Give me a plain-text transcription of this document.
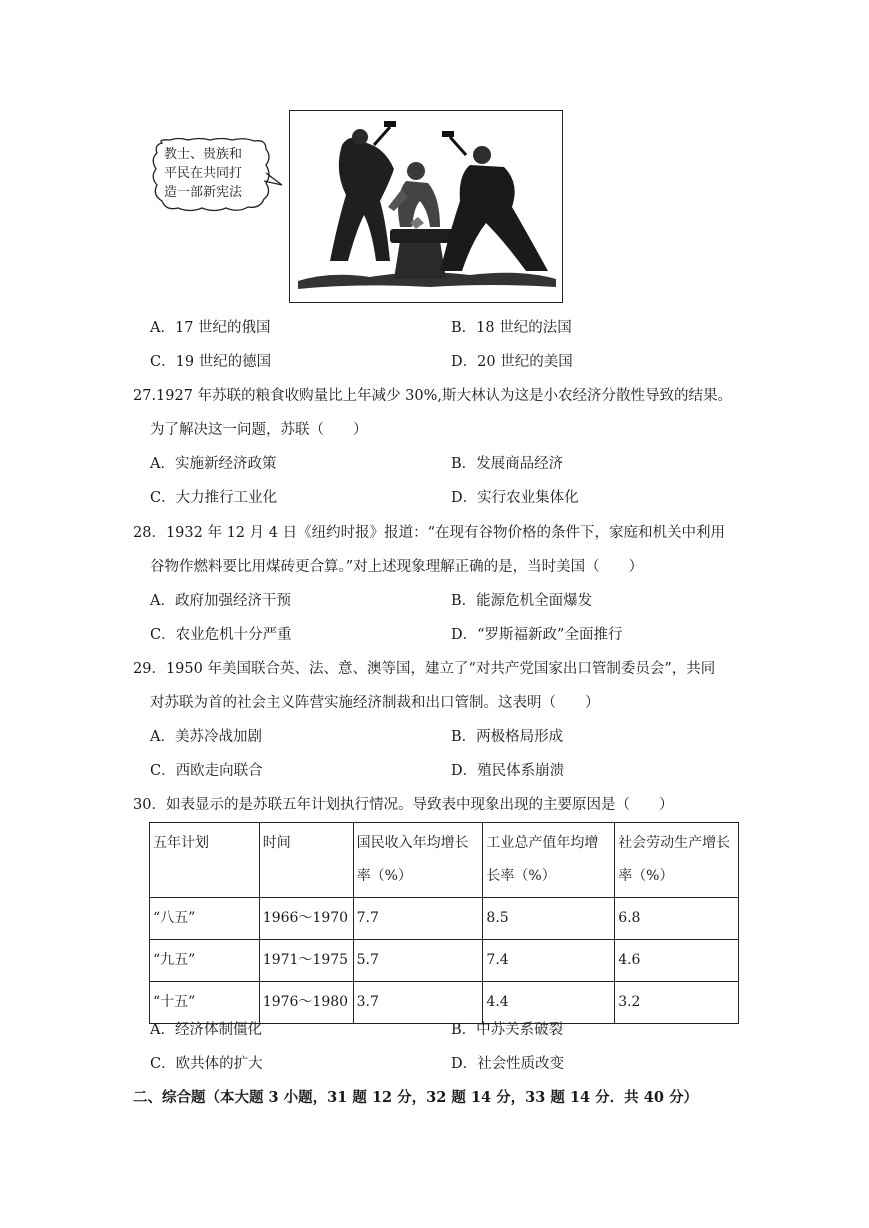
教士、贵族和
平民在共同打
造一部新宪法
A．17 世纪的俄国	B．18 世纪的法国
C．19 世纪的德国	D．20 世纪的美国
27.1927 年苏联的粮食收购量比上年减少 30%,斯大林认为这是小农经济分散性导致的结果。
为了解决这一问题，苏联（　　）
A．实施新经济政策	B．发展商品经济
C．大力推行工业化	D．实行农业集体化
28．1932 年 12 月 4 日《纽约时报》报道：“在现有谷物价格的条件下，家庭和机关中利用
谷物作燃料要比用煤砖更合算。”对上述现象理解正确的是，当时美国（　　）
A．政府加强经济干预	B．能源危机全面爆发
C．农业危机十分严重	D．“罗斯福新政”全面推行
29．1950 年美国联合英、法、意、澳等国，建立了“对共产党国家出口管制委员会”，共同
对苏联为首的社会主义阵营实施经济制裁和出口管制。这表明（　　）
A．美苏冷战加剧	B．两极格局形成
C．西欧走向联合	D．殖民体系崩溃
30．如表显示的是苏联五年计划执行情况。导致表中现象出现的主要原因是（　　）
五年计划	时间	国民收入年均增长率（%）	工业总产值年均增长率（%）	社会劳动生产增长率（%）
“八五”	1966～1970	7.7	8.5	6.8
“九五”	1971～1975	5.7	7.4	4.6
“十五”	1976～1980	3.7	4.4	3.2
A．经济体制僵化	B．中苏关系破裂
C．欧共体的扩大	D．社会性质改变
二、综合题（本大题 3 小题，31 题 12 分，32 题 14 分，33 题 14 分．共 40 分）
